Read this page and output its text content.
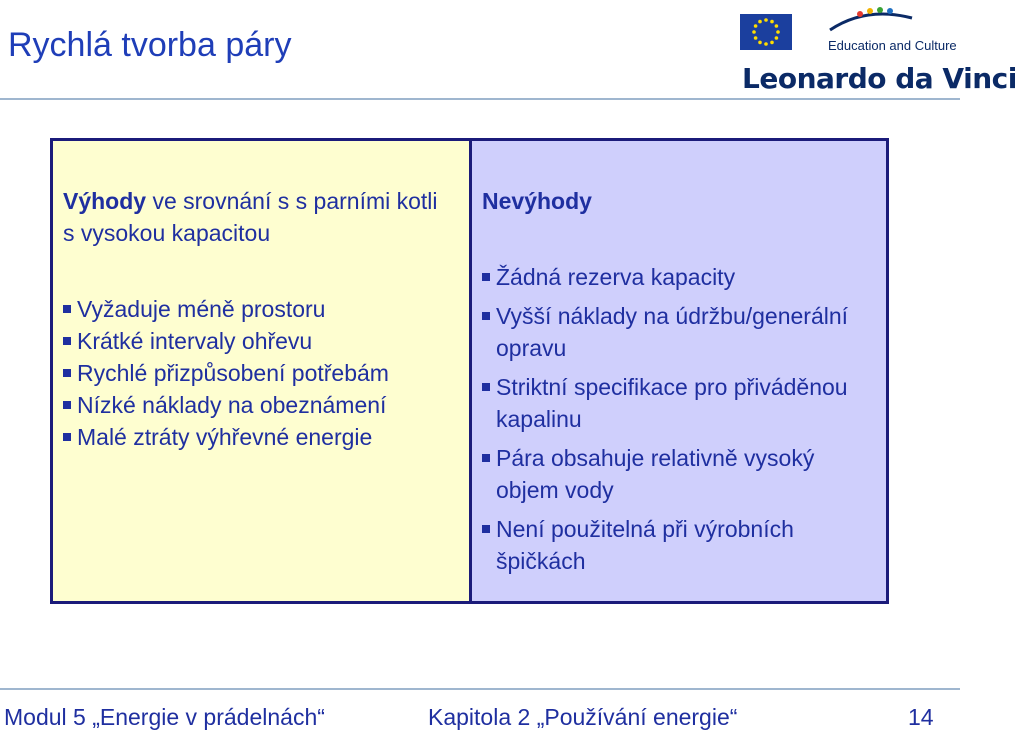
Rychlá tvorba páry	Education and Culture
Leonardo da Vinci
Výhody ve srovnání s s parními kotli s vysokou kapacitou
Vyžaduje méně prostoru
Krátké intervaly ohřevu
Rychlé přizpůsobení potřebám
Nízké náklady na obeznámení
Malé ztráty výhřevné energie
Nevýhody
Žádná rezerva kapacity
Vyšší náklady na údržbu/generální opravu
Striktní specifikace pro přiváděnou kapalinu
Pára obsahuje relativně vysoký objem vody
Není použitelná při výrobních špičkách
Modul 5 „Energie v prádelnách“	Kapitola 2 „Používání energie“	14
